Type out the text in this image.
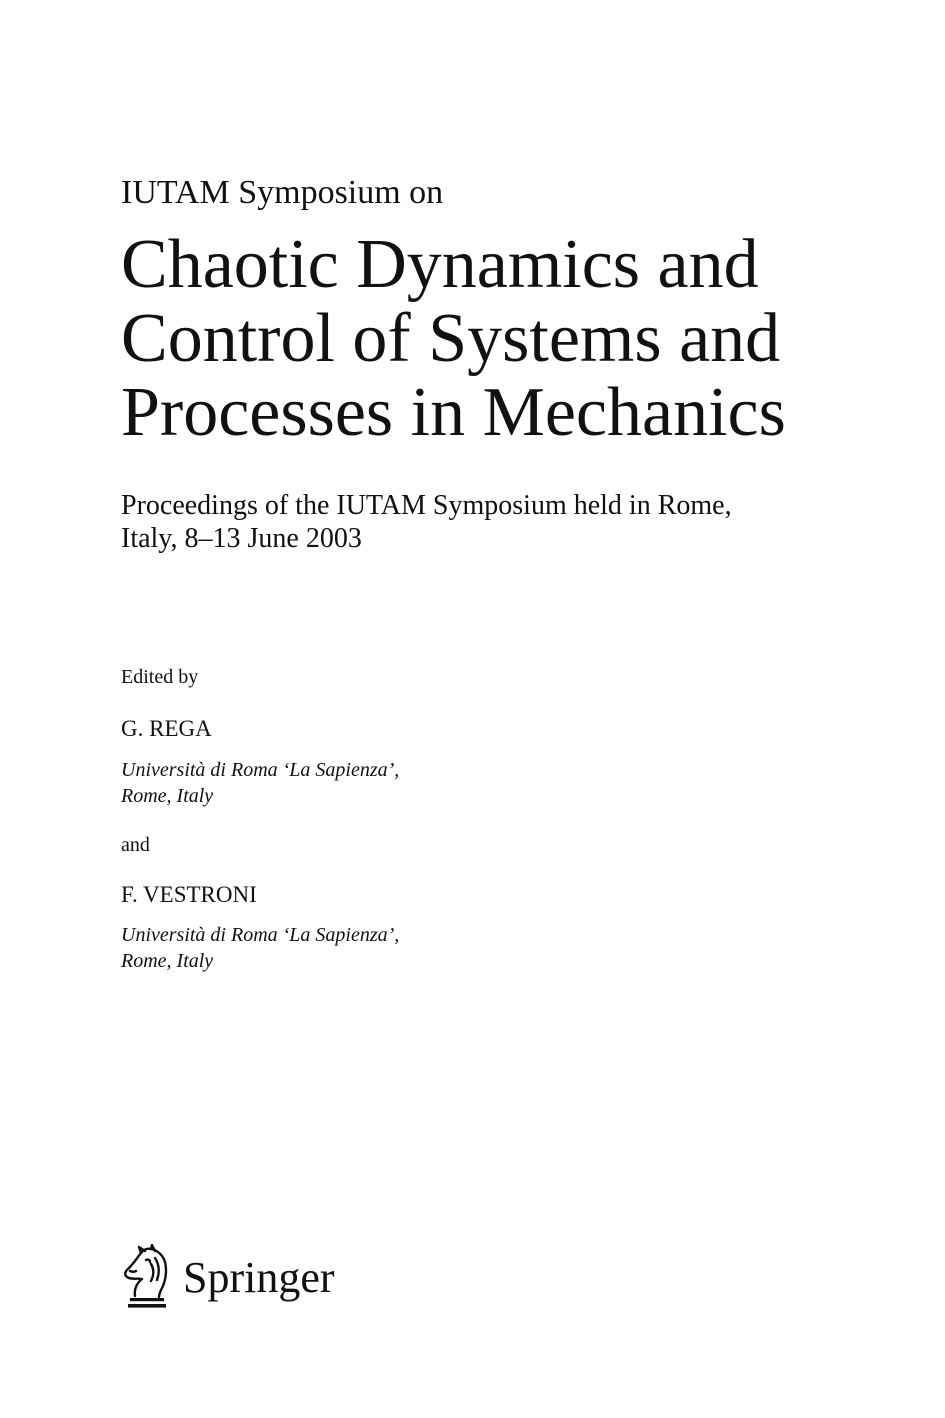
IUTAM Symposium on

Chaotic Dynamics and
Control of Systems and
Processes in Mechanics
Proceedings of the IUTAM Symposium held in Rome,
Italy, 8–13 June 2003

Edited by

G. REGA

Università di Roma ‘La Sapienza’,
Rome, Italy

and

F. VESTRONI

Università di Roma ‘La Sapienza’,
Rome, Italy
Springer
